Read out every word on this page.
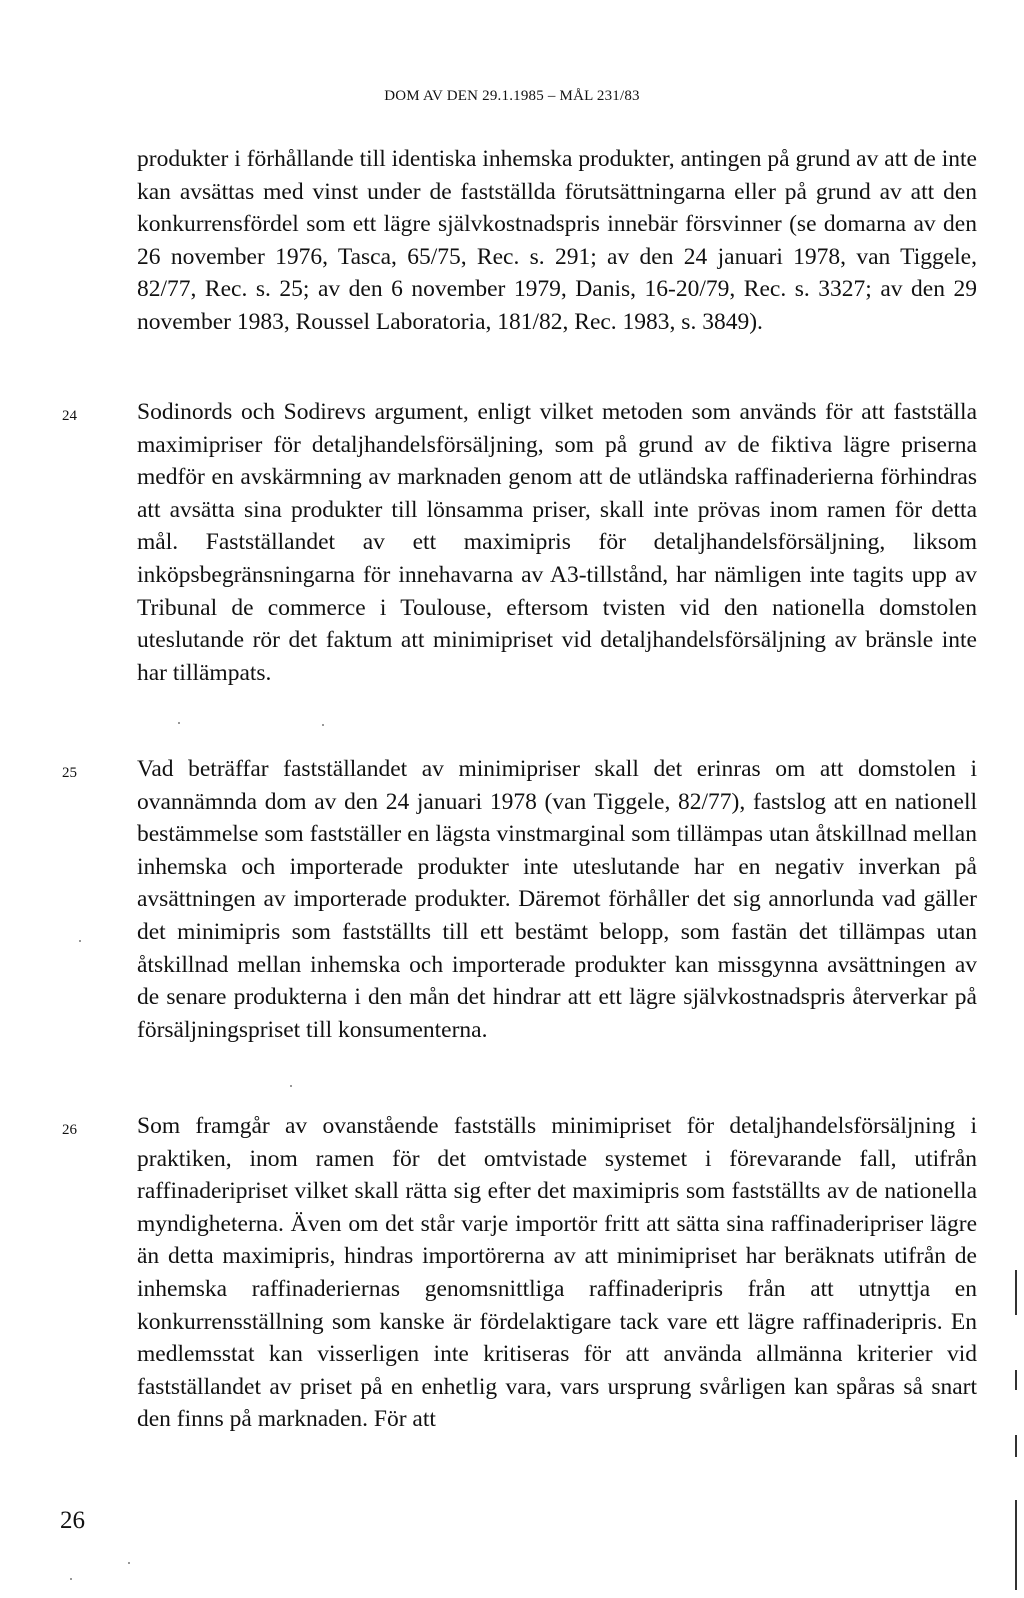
DOM AV DEN 29.1.1985 – MÅL 231/83

produkter i förhållande till identiska inhemska produkter, antingen på grund av att de inte kan avsättas med vinst under de fastställda förutsättningarna eller på grund av att den konkurrensfördel som ett lägre självkostnadspris innebär försvinner (se domarna av den 26 november 1976, Tasca, 65/75, Rec. s. 291; av den 24 januari 1978, van Tiggele, 82/77, Rec. s. 25; av den 6 november 1979, Danis, 16-20/79, Rec. s. 3327; av den 29 november 1983, Roussel Laboratoria, 181/82, Rec. 1983, s. 3849).

24	Sodinords och Sodirevs argument, enligt vilket metoden som används för att fastställa maximipriser för detaljhandelsförsäljning, som på grund av de fiktiva lägre priserna medför en avskärmning av marknaden genom att de utländska raffinaderierna förhindras att avsätta sina produkter till lönsamma priser, skall inte prövas inom ramen för detta mål. Fastställandet av ett maximipris för detaljhandelsförsäljning, liksom inköpsbegränsningarna för innehavarna av A3-tillstånd, har nämligen inte tagits upp av Tribunal de commerce i Toulouse, eftersom tvisten vid den nationella domstolen uteslutande rör det faktum att minimipriset vid detaljhandelsförsäljning av bränsle inte har tillämpats.

25	Vad beträffar fastställandet av minimipriser skall det erinras om att domstolen i ovannämnda dom av den 24 januari 1978 (van Tiggele, 82/77), fastslog att en nationell bestämmelse som fastställer en lägsta vinstmarginal som tillämpas utan åtskillnad mellan inhemska och importerade produkter inte uteslutande har en negativ inverkan på avsättningen av importerade produkter. Däremot förhåller det sig annorlunda vad gäller det minimipris som fastställts till ett bestämt belopp, som fastän det tillämpas utan åtskillnad mellan inhemska och importerade produkter kan missgynna avsättningen av de senare produkterna i den mån det hindrar att ett lägre självkostnadspris återverkar på försäljningspriset till konsumenterna.

26	Som framgår av ovanstående fastställs minimipriset för detaljhandelsförsäljning i praktiken, inom ramen för det omtvistade systemet i förevarande fall, utifrån raffinaderipriset vilket skall rätta sig efter det maximipris som fastställts av de nationella myndigheterna. Även om det står varje importör fritt att sätta sina raffinaderipriser lägre än detta maximipris, hindras importörerna av att minimipriset har beräknats utifrån de inhemska raffinaderiernas genomsnittliga raffinaderipris från att utnyttja en konkurrensställning som kanske är fördelaktigare tack vare ett lägre raffinaderipris. En medlemsstat kan visserligen inte kritiseras för att använda allmänna kriterier vid fastställandet av priset på en enhetlig vara, vars ursprung svårligen kan spåras så snart den finns på marknaden. För att

26
